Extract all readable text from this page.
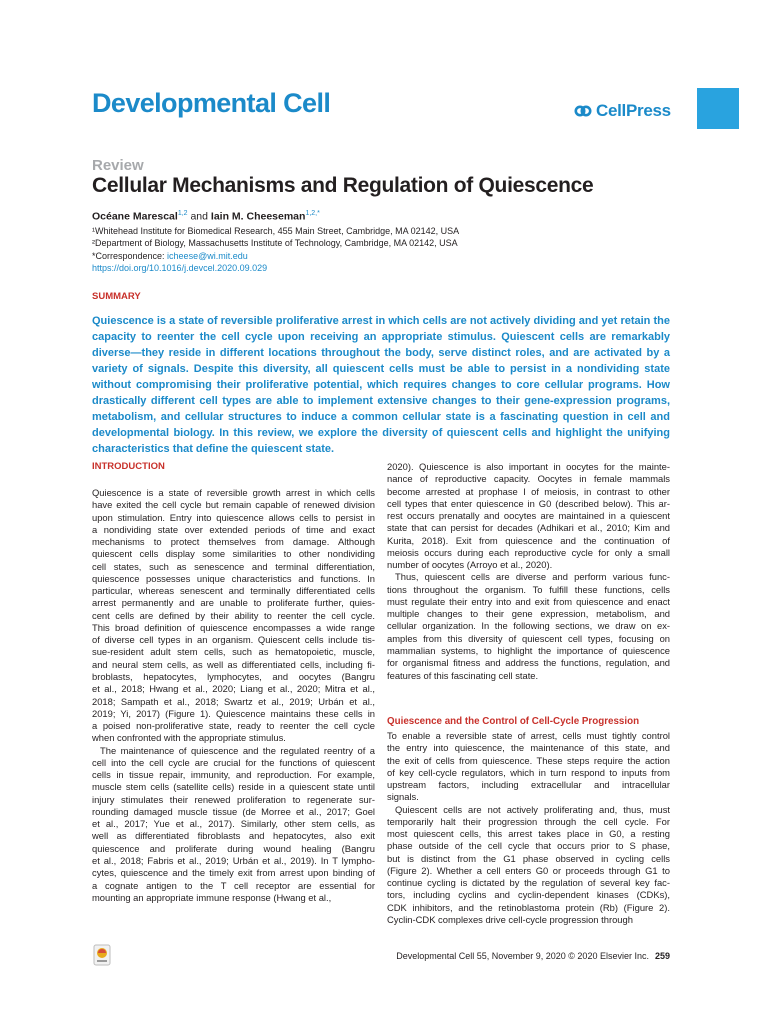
Developmental Cell	CellPress
Review
Cellular Mechanisms and Regulation of Quiescence
Océane Marescal$^{1,2}$ and Iain M. Cheeseman$^{1,2,*}$
¹Whitehead Institute for Biomedical Research, 455 Main Street, Cambridge, MA 02142, USA
²Department of Biology, Massachusetts Institute of Technology, Cambridge, MA 02142, USA
*Correspondence: icheese@wi.mit.edu
https://doi.org/10.1016/j.devcel.2020.09.029
SUMMARY
Quiescence is a state of reversible proliferative arrest in which cells are not actively dividing and yet retain the
capacity to reenter the cell cycle upon receiving an appropriate stimulus. Quiescent cells are remarkably
diverse—they reside in different locations throughout the body, serve distinct roles, and are activated by a
variety of signals. Despite this diversity, all quiescent cells must be able to persist in a nondividing state
without compromising their proliferative potential, which requires changes to core cellular programs. How
drastically different cell types are able to implement extensive changes to their gene-expression programs,
metabolism, and cellular structures to induce a common cellular state is a fascinating question in cell and
developmental biology. In this review, we explore the diversity of quiescent cells and highlight the unifying
characteristics that define the quiescent state.
INTRODUCTION
Quiescence is a state of reversible growth arrest in which cells
have exited the cell cycle but remain capable of renewed division
upon stimulation. Entry into quiescence allows cells to persist in
a nondividing state over extended periods of time and exact
mechanisms to protect themselves from damage. Although
quiescent cells display some similarities to other nondividing
cell states, such as senescence and terminal differentiation,
quiescence possesses unique characteristics and functions. In
particular, whereas senescent and terminally differentiated cells
arrest permanently and are unable to proliferate further, quies-
cent cells are defined by their ability to reenter the cell cycle.
This broad definition of quiescence encompasses a wide range
of diverse cell types in an organism. Quiescent cells include tis-
sue-resident adult stem cells, such as hematopoietic, muscle,
and neural stem cells, as well as differentiated cells, including fi-
broblasts, hepatocytes, lymphocytes, and oocytes (Bangru
et al., 2018; Hwang et al., 2020; Liang et al., 2020; Mitra et al.,
2018; Sampath et al., 2018; Swartz et al., 2019; Urbán et al.,
2019; Yi, 2017) (Figure 1). Quiescence maintains these cells in
a poised non-proliferative state, ready to reenter the cell cycle
when confronted with the appropriate stimulus.
The maintenance of quiescence and the regulated reentry of a
cell into the cell cycle are crucial for the functions of quiescent
cells in tissue repair, immunity, and reproduction. For example,
muscle stem cells (satellite cells) reside in a quiescent state until
injury stimulates their renewed proliferation to regenerate sur-
rounding damaged muscle tissue (de Morree et al., 2017; Goel
et al., 2017; Yue et al., 2017). Similarly, other stem cells, as
well as differentiated fibroblasts and hepatocytes, also exit
quiescence and proliferate during wound healing (Bangru
et al., 2018; Fabris et al., 2019; Urbán et al., 2019). In T lympho-
cytes, quiescence and the timely exit from arrest upon binding of
a cognate antigen to the T cell receptor are essential for
mounting an appropriate immune response (Hwang et al.,
2020). Quiescence is also important in oocytes for the mainte-
nance of reproductive capacity. Oocytes in female mammals
become arrested at prophase I of meiosis, in contrast to other
cell types that enter quiescence in G0 (described below). This ar-
rest occurs prenatally and oocytes are maintained in a quiescent
state that can persist for decades (Adhikari et al., 2010; Kim and
Kurita, 2018). Exit from quiescence and the continuation of
meiosis occurs during each reproductive cycle for only a small
number of oocytes (Arroyo et al., 2020).
Thus, quiescent cells are diverse and perform various func-
tions throughout the organism. To fulfill these functions, cells
must regulate their entry into and exit from quiescence and enact
multiple changes to their gene expression, metabolism, and
cellular organization. In the following sections, we draw on ex-
amples from this diversity of quiescent cell types, focusing on
mammalian systems, to highlight the importance of quiescence
for organismal fitness and address the functions, regulation, and
features of this fascinating cell state.
Quiescence and the Control of Cell-Cycle Progression
To enable a reversible state of arrest, cells must tightly control
the entry into quiescence, the maintenance of this state, and
the exit of cells from quiescence. These steps require the action
of key cell-cycle regulators, which in turn respond to inputs from
upstream factors, including extracellular and intracellular
signals.
Quiescent cells are not actively proliferating and, thus, must
temporarily halt their progression through the cell cycle. For
most quiescent cells, this arrest takes place in G0, a resting
phase outside of the cell cycle that occurs prior to S phase,
but is distinct from the G1 phase observed in cycling cells
(Figure 2). Whether a cell enters G0 or proceeds through G1 to
continue cycling is dictated by the regulation of several key fac-
tors, including cyclins and cyclin-dependent kinases (CDKs),
CDK inhibitors, and the retinoblastoma protein (Rb) (Figure 2).
Cyclin-CDK complexes drive cell-cycle progression through
Developmental Cell 55, November 9, 2020 © 2020 Elsevier Inc. 259
